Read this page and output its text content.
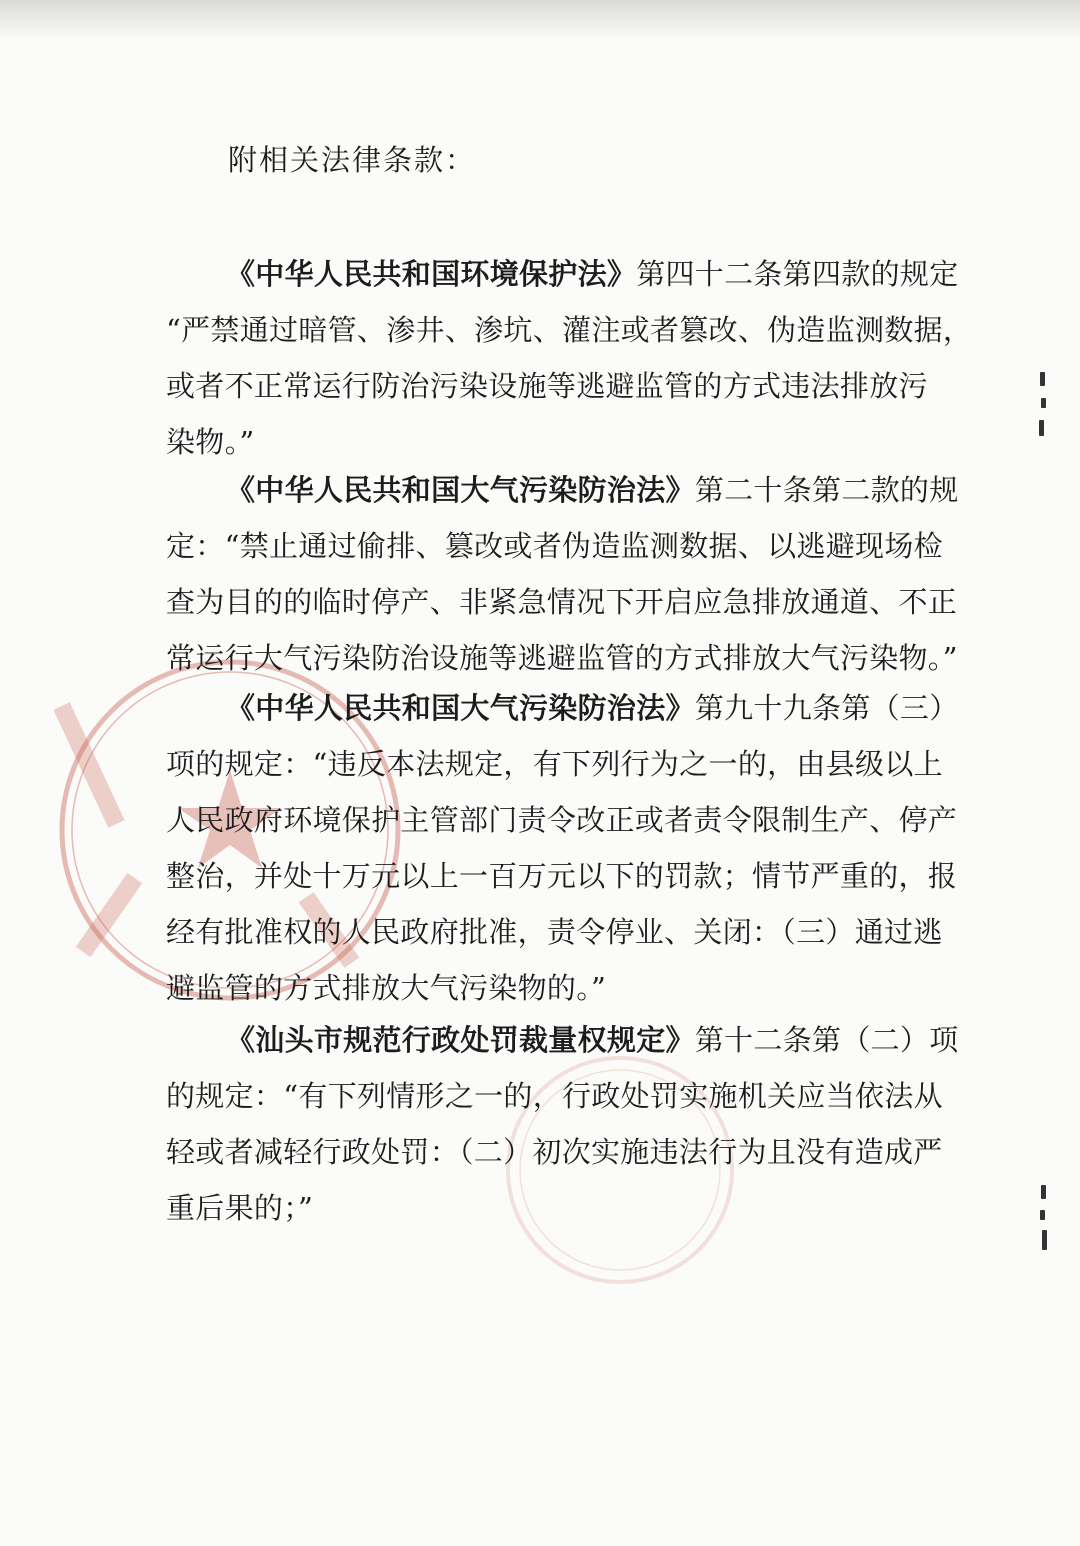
附相关法律条款：
《中华人民共和国环境保护法》第四十二条第四款的规定
“严禁通过暗管、渗井、渗坑、灌注或者篡改、伪造监测数据，
或者不正常运行防治污染设施等逃避监管的方式违法排放污
染物。”
《中华人民共和国大气污染防治法》第二十条第二款的规
定：“禁止通过偷排、篡改或者伪造监测数据、以逃避现场检
查为目的的临时停产、非紧急情况下开启应急排放通道、不正
常运行大气污染防治设施等逃避监管的方式排放大气污染物。”
《中华人民共和国大气污染防治法》第九十九条第（三）
项的规定：“违反本法规定，有下列行为之一的，由县级以上
人民政府环境保护主管部门责令改正或者责令限制生产、停产
整治，并处十万元以上一百万元以下的罚款；情节严重的，报
经有批准权的人民政府批准，责令停业、关闭：（三）通过逃
避监管的方式排放大气污染物的。”
《汕头市规范行政处罚裁量权规定》第十二条第（二）项
的规定：“有下列情形之一的，行政处罚实施机关应当依法从
轻或者减轻行政处罚：（二）初次实施违法行为且没有造成严
重后果的；”
